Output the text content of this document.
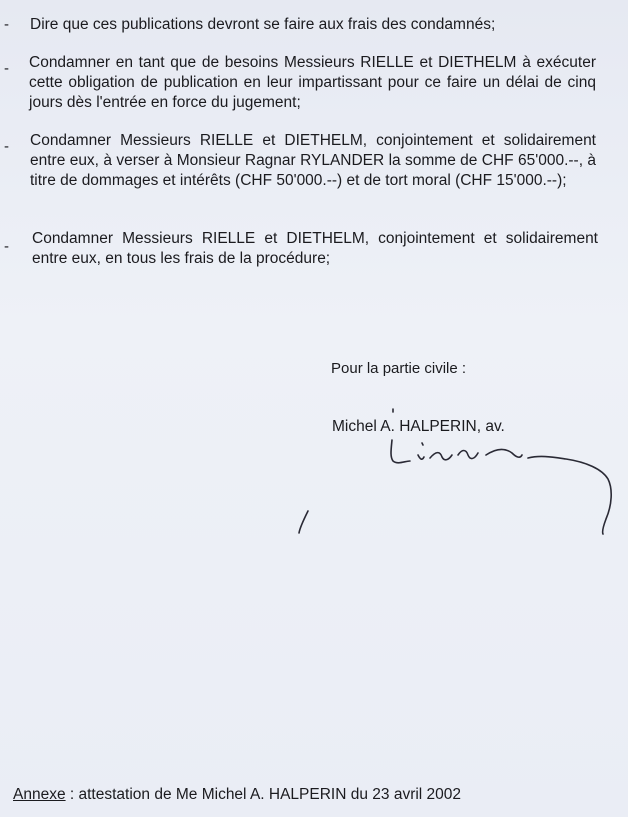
- Dire que ces publications devront se faire aux frais des condamnés;
- Condamner en tant que de besoins Messieurs RIELLE et DIETHELM à exécuter cette obligation de publication en leur impartissant pour ce faire un délai de cinq jours dès l'entrée en force du jugement;
- Condamner Messieurs RIELLE et DIETHELM, conjointement et solidairement entre eux, à verser à Monsieur Ragnar RYLANDER la somme de CHF 65'000.--, à titre de dommages et intérêts (CHF 50'000.--) et de tort moral (CHF 15'000.--);
- Condamner Messieurs RIELLE et DIETHELM, conjointement et solidairement entre eux, en tous les frais de la procédure;
Pour la partie civile :
Michel A. HALPERIN, av.
Annexe : attestation de Me Michel A. HALPERIN du 23 avril 2002
